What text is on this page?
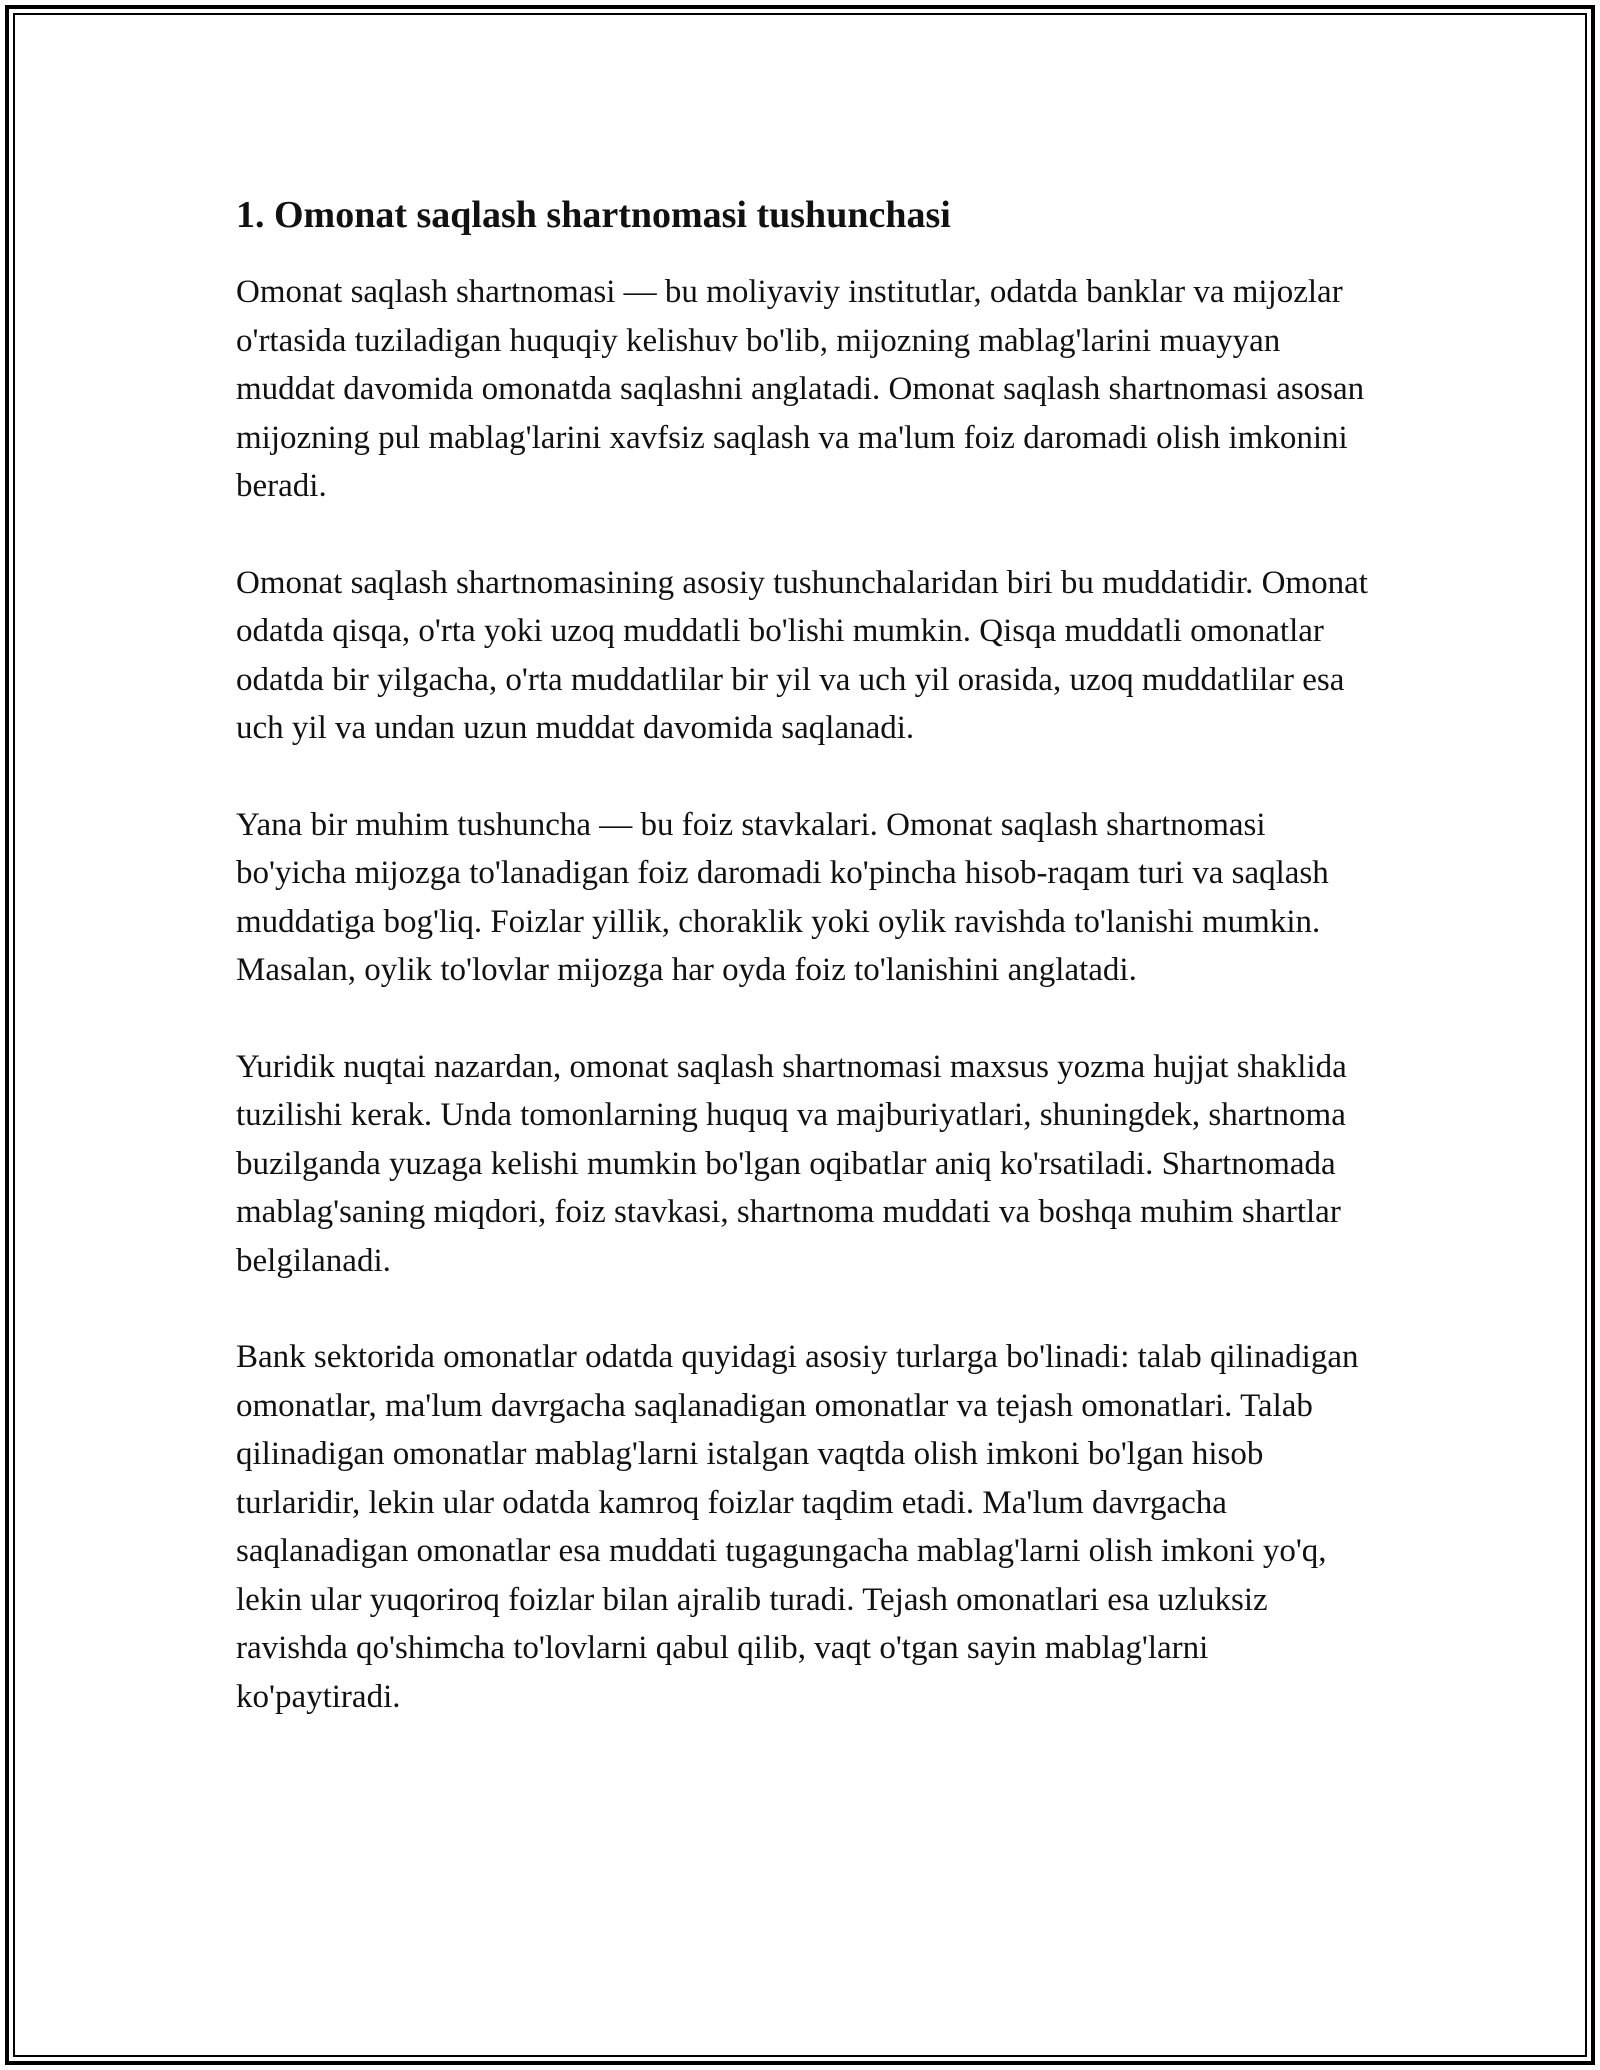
1. Omonat saqlash shartnomasi tushunchasi

Omonat saqlash shartnomasi — bu moliyaviy institutlar, odatda banklar va mijozlar o'rtasida tuziladigan huquqiy kelishuv bo'lib, mijozning mablag'larini muayyan muddat davomida omonatda saqlashni anglatadi. Omonat saqlash shartnomasi asosan mijozning pul mablag'larini xavfsiz saqlash va ma'lum foiz daromadi olish imkonini beradi.

Omonat saqlash shartnomasining asosiy tushunchalaridan biri bu muddatidir. Omonat odatda qisqa, o'rta yoki uzoq muddatli bo'lishi mumkin. Qisqa muddatli omonatlar odatda bir yilgacha, o'rta muddatlilar bir yil va uch yil orasida, uzoq muddatlilar esa uch yil va undan uzun muddat davomida saqlanadi.

Yana bir muhim tushuncha — bu foiz stavkalari. Omonat saqlash shartnomasi bo'yicha mijozga to'lanadigan foiz daromadi ko'pincha hisob-raqam turi va saqlash muddatiga bog'liq. Foizlar yillik, choraklik yoki oylik ravishda to'lanishi mumkin. Masalan, oylik to'lovlar mijozga har oyda foiz to'lanishini anglatadi.

Yuridik nuqtai nazardan, omonat saqlash shartnomasi maxsus yozma hujjat shaklida tuzilishi kerak. Unda tomonlarning huquq va majburiyatlari, shuningdek, shartnoma buzilganda yuzaga kelishi mumkin bo'lgan oqibatlar aniq ko'rsatiladi. Shartnomada mablag'saning miqdori, foiz stavkasi, shartnoma muddati va boshqa muhim shartlar belgilanadi.

Bank sektorida omonatlar odatda quyidagi asosiy turlarga bo'linadi: talab qilinadigan omonatlar, ma'lum davrgacha saqlanadigan omonatlar va tejash omonatlari. Talab qilinadigan omonatlar mablag'larni istalgan vaqtda olish imkoni bo'lgan hisob turlaridir, lekin ular odatda kamroq foizlar taqdim etadi. Ma'lum davrgacha saqlanadigan omonatlar esa muddati tugagungacha mablag'larni olish imkoni yo'q, lekin ular yuqoriroq foizlar bilan ajralib turadi. Tejash omonatlari esa uzluksiz ravishda qo'shimcha to'lovlarni qabul qilib, vaqt o'tgan sayin mablag'larni ko'paytiradi.
